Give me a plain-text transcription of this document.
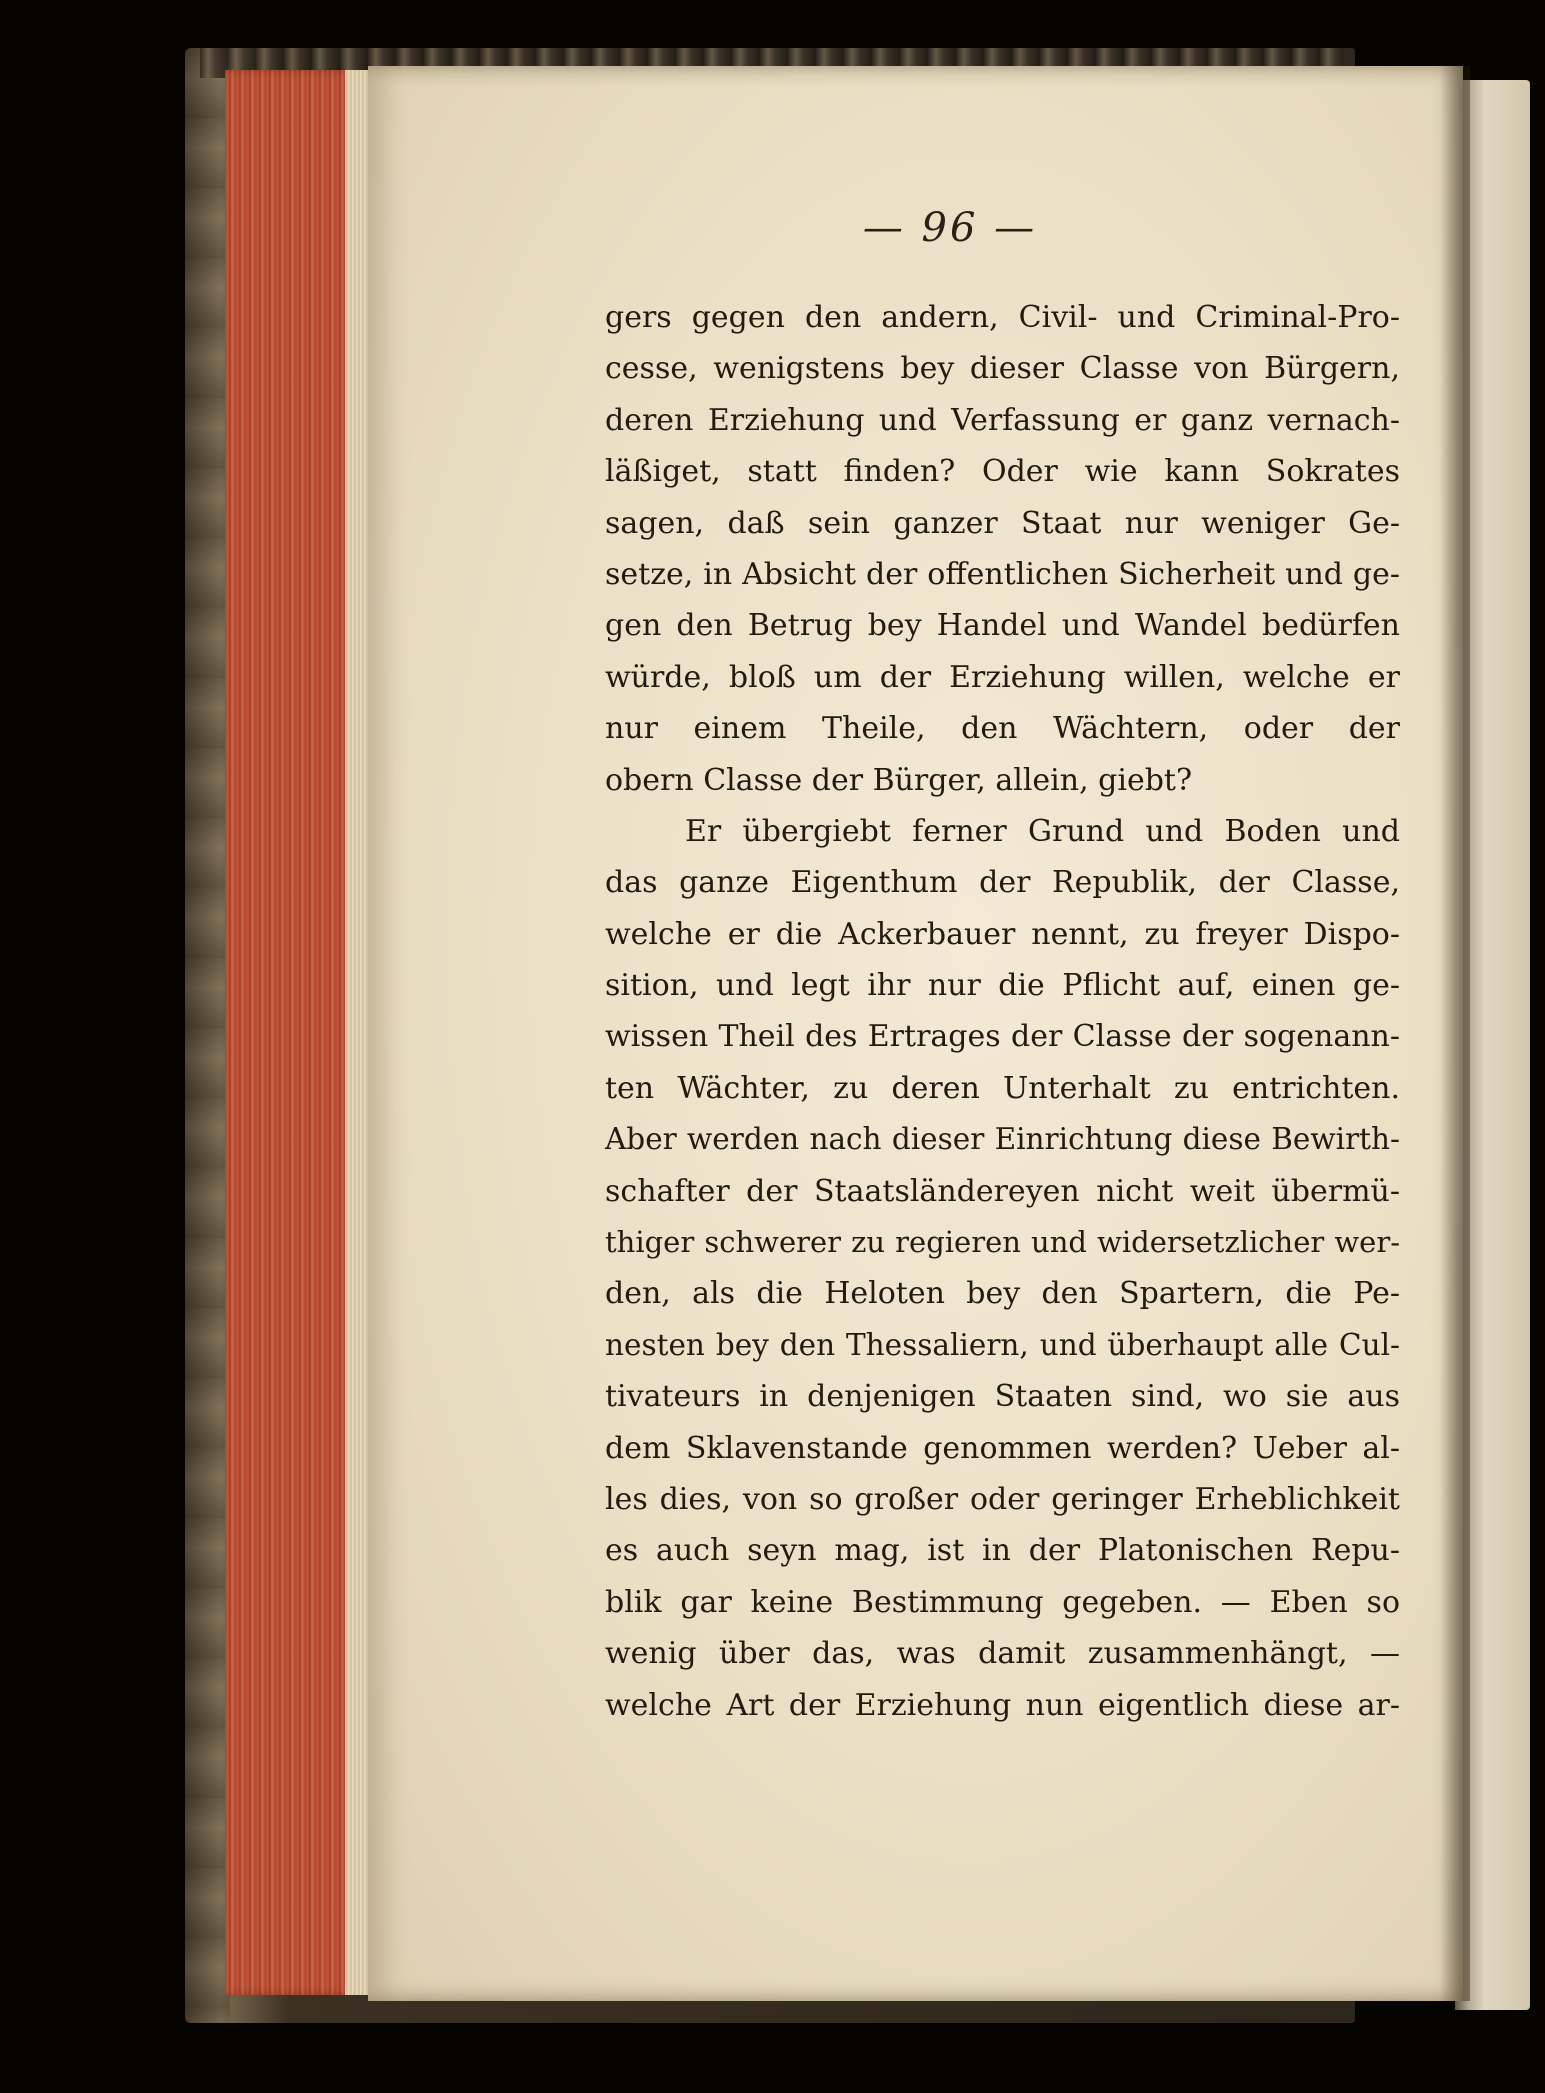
— 96 —
gers gegen den andern, Civil- und Criminal-Pro-
cesse, wenigstens bey dieser Classe von Bürgern,
deren Erziehung und Verfassung er ganz vernach-
läßiget, statt finden? Oder wie kann Sokrates
sagen, daß sein ganzer Staat nur weniger Ge-
setze, in Absicht der offentlichen Sicherheit und ge-
gen den Betrug bey Handel und Wandel bedürfen
würde, bloß um der Erziehung willen, welche er
nur einem Theile, den Wächtern, oder der
obern Classe der Bürger, allein, giebt?
Er übergiebt ferner Grund und Boden und
das ganze Eigenthum der Republik, der Classe,
welche er die Ackerbauer nennt, zu freyer Dispo-
sition, und legt ihr nur die Pflicht auf, einen ge-
wissen Theil des Ertrages der Classe der sogenann-
ten Wächter, zu deren Unterhalt zu entrichten.
Aber werden nach dieser Einrichtung diese Bewirth-
schafter der Staatsländereyen nicht weit übermü-
thiger schwerer zu regieren und widersetzlicher wer-
den, als die Heloten bey den Spartern, die Pe-
nesten bey den Thessaliern, und überhaupt alle Cul-
tivateurs in denjenigen Staaten sind, wo sie aus
dem Sklavenstande genommen werden? Ueber al-
les dies, von so großer oder geringer Erheblichkeit
es auch seyn mag, ist in der Platonischen Repu-
blik gar keine Bestimmung gegeben. — Eben so
wenig über das, was damit zusammenhängt, —
welche Art der Erziehung nun eigentlich diese ar-
